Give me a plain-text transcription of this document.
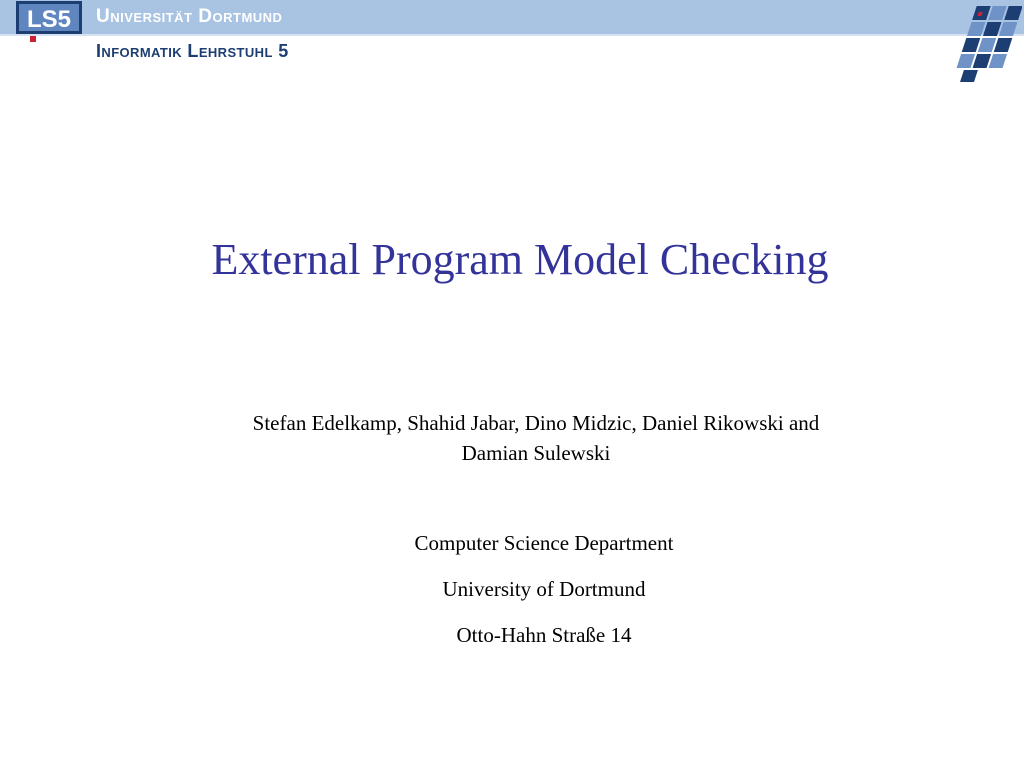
LS5 Universität Dortmund
Informatik Lehrstuhl 5
External Program Model Checking
Stefan Edelkamp, Shahid Jabar, Dino Midzic, Daniel Rikowski and Damian Sulewski
Computer Science Department
University of Dortmund
Otto-Hahn Straße 14
